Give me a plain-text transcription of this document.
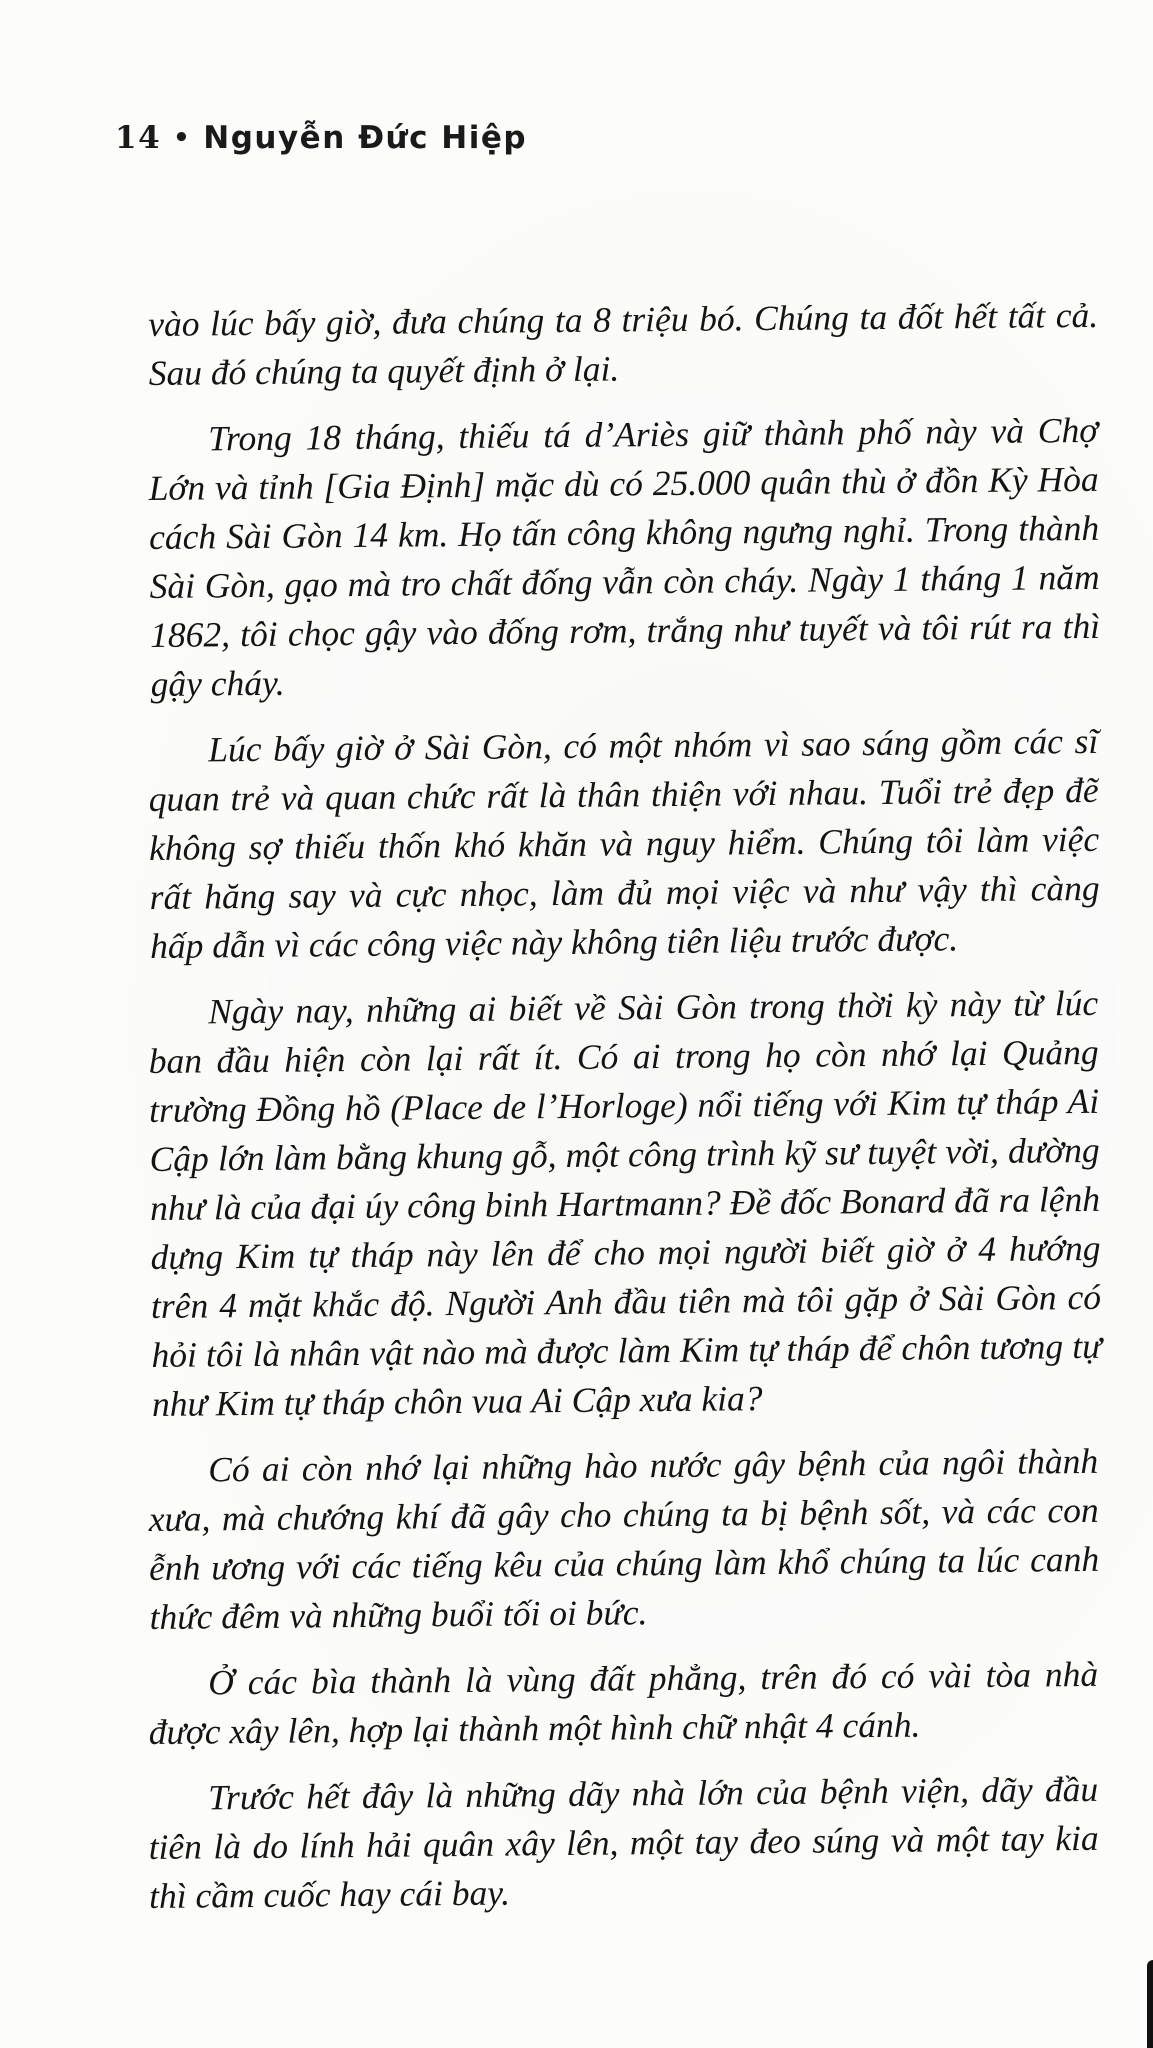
14 • Nguyễn Đức Hiệp

vào lúc bấy giờ, đưa chúng ta 8 triệu bó. Chúng ta đốt hết tất cả. Sau đó chúng ta quyết định ở lại.

Trong 18 tháng, thiếu tá d’Ariès giữ thành phố này và Chợ Lớn và tỉnh [Gia Định] mặc dù có 25.000 quân thù ở đồn Kỳ Hòa cách Sài Gòn 14 km. Họ tấn công không ngưng nghỉ. Trong thành Sài Gòn, gạo mà tro chất đống vẫn còn cháy. Ngày 1 tháng 1 năm 1862, tôi chọc gậy vào đống rơm, trắng như tuyết và tôi rút ra thì gậy cháy.

Lúc bấy giờ ở Sài Gòn, có một nhóm vì sao sáng gồm các sĩ quan trẻ và quan chức rất là thân thiện với nhau. Tuổi trẻ đẹp đẽ không sợ thiếu thốn khó khăn và nguy hiểm. Chúng tôi làm việc rất hăng say và cực nhọc, làm đủ mọi việc và như vậy thì càng hấp dẫn vì các công việc này không tiên liệu trước được.

Ngày nay, những ai biết về Sài Gòn trong thời kỳ này từ lúc ban đầu hiện còn lại rất ít. Có ai trong họ còn nhớ lại Quảng trường Đồng hồ (Place de l’Horloge) nổi tiếng với Kim tự tháp Ai Cập lớn làm bằng khung gỗ, một công trình kỹ sư tuyệt vời, dường như là của đại úy công binh Hartmann? Đề đốc Bonard đã ra lệnh dựng Kim tự tháp này lên để cho mọi người biết giờ ở 4 hướng trên 4 mặt khắc độ. Người Anh đầu tiên mà tôi gặp ở Sài Gòn có hỏi tôi là nhân vật nào mà được làm Kim tự tháp để chôn tương tự như Kim tự tháp chôn vua Ai Cập xưa kia?

Có ai còn nhớ lại những hào nước gây bệnh của ngôi thành xưa, mà chướng khí đã gây cho chúng ta bị bệnh sốt, và các con ễnh ương với các tiếng kêu của chúng làm khổ chúng ta lúc canh thức đêm và những buổi tối oi bức.

Ở các bìa thành là vùng đất phẳng, trên đó có vài tòa nhà được xây lên, hợp lại thành một hình chữ nhật 4 cánh.

Trước hết đây là những dãy nhà lớn của bệnh viện, dãy đầu tiên là do lính hải quân xây lên, một tay đeo súng và một tay kia thì cầm cuốc hay cái bay.
